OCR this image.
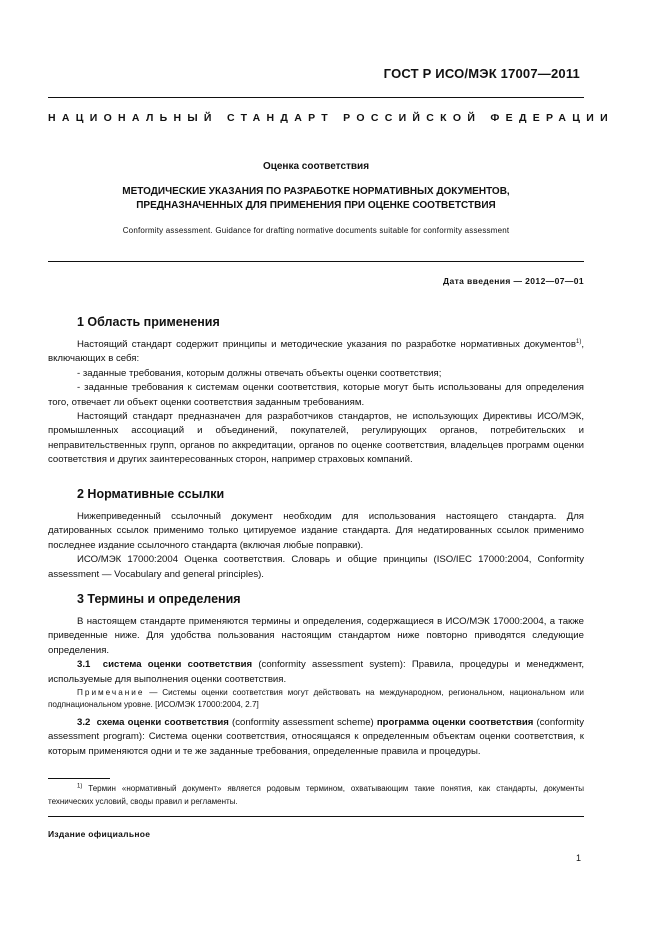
ГОСТ Р ИСО/МЭК 17007—2011
НАЦИОНАЛЬНЫЙ СТАНДАРТ РОССИЙСКОЙ ФЕДЕРАЦИИ
Оценка соответствия
МЕТОДИЧЕСКИЕ УКАЗАНИЯ ПО РАЗРАБОТКЕ НОРМАТИВНЫХ ДОКУМЕНТОВ,
ПРЕДНАЗНАЧЕННЫХ ДЛЯ ПРИМЕНЕНИЯ ПРИ ОЦЕНКЕ СООТВЕТСТВИЯ
Conformity assessment. Guidance for drafting normative documents suitable for conformity assessment
Дата введения — 2012—07—01
1 Область применения

Настоящий стандарт содержит принципы и методические указания по разработке нормативных документов$^{1)}$, включающих в себя:

- заданные требования, которым должны отвечать объекты оценки соответствия;

- заданные требования к системам оценки соответствия, которые могут быть использованы для определения того, отвечает ли объект оценки соответствия заданным требованиям.

Настоящий стандарт предназначен для разработчиков стандартов, не использующих Директивы ИСО/МЭК, промышленных ассоциаций и объединений, покупателей, регулирующих органов, потребительских и неправительственных групп, органов по аккредитации, органов по оценке соответствия, владельцев программ оценки соответствия и других заинтересованных сторон, например страховых компаний.

2 Нормативные ссылки

Нижеприведенный ссылочный документ необходим для использования настоящего стандарта. Для датированных ссылок применимо только цитируемое издание стандарта. Для недатированных ссылок применимо последнее издание ссылочного стандарта (включая любые поправки).

ИСО/МЭК 17000:2004 Оценка соответствия. Словарь и общие принципы (ISO/IEC 17000:2004, Conformity assessment — Vocabulary and general principles).

3 Термины и определения

В настоящем стандарте применяются термины и определения, содержащиеся в ИСО/МЭК 17000:2004, а также приведенные ниже. Для удобства пользования настоящим стандартом ниже повторно приводятся следующие определения.

3.1 система оценки соответствия (conformity assessment system): Правила, процедуры и менеджмент, используемые для выполнения оценки соответствия.

Примечание — Системы оценки соответствия могут действовать на международном, региональном, национальном или подпнациональном уровне. [ИСО/МЭК 17000:2004, 2.7]

3.2 схема оценки соответствия (conformity assessment scheme) программа оценки соответствия (conformity assessment program): Система оценки соответствия, относящаяся к определенным объектам оценки соответствия, к которым применяются одни и те же заданные требования, определенные правила и процедуры.

$^{1)}$ Термин «нормативный документ» является родовым термином, охватывающим такие понятия, как стандарты, документы технических условий, своды правил и регламенты.

Издание официальное
1
